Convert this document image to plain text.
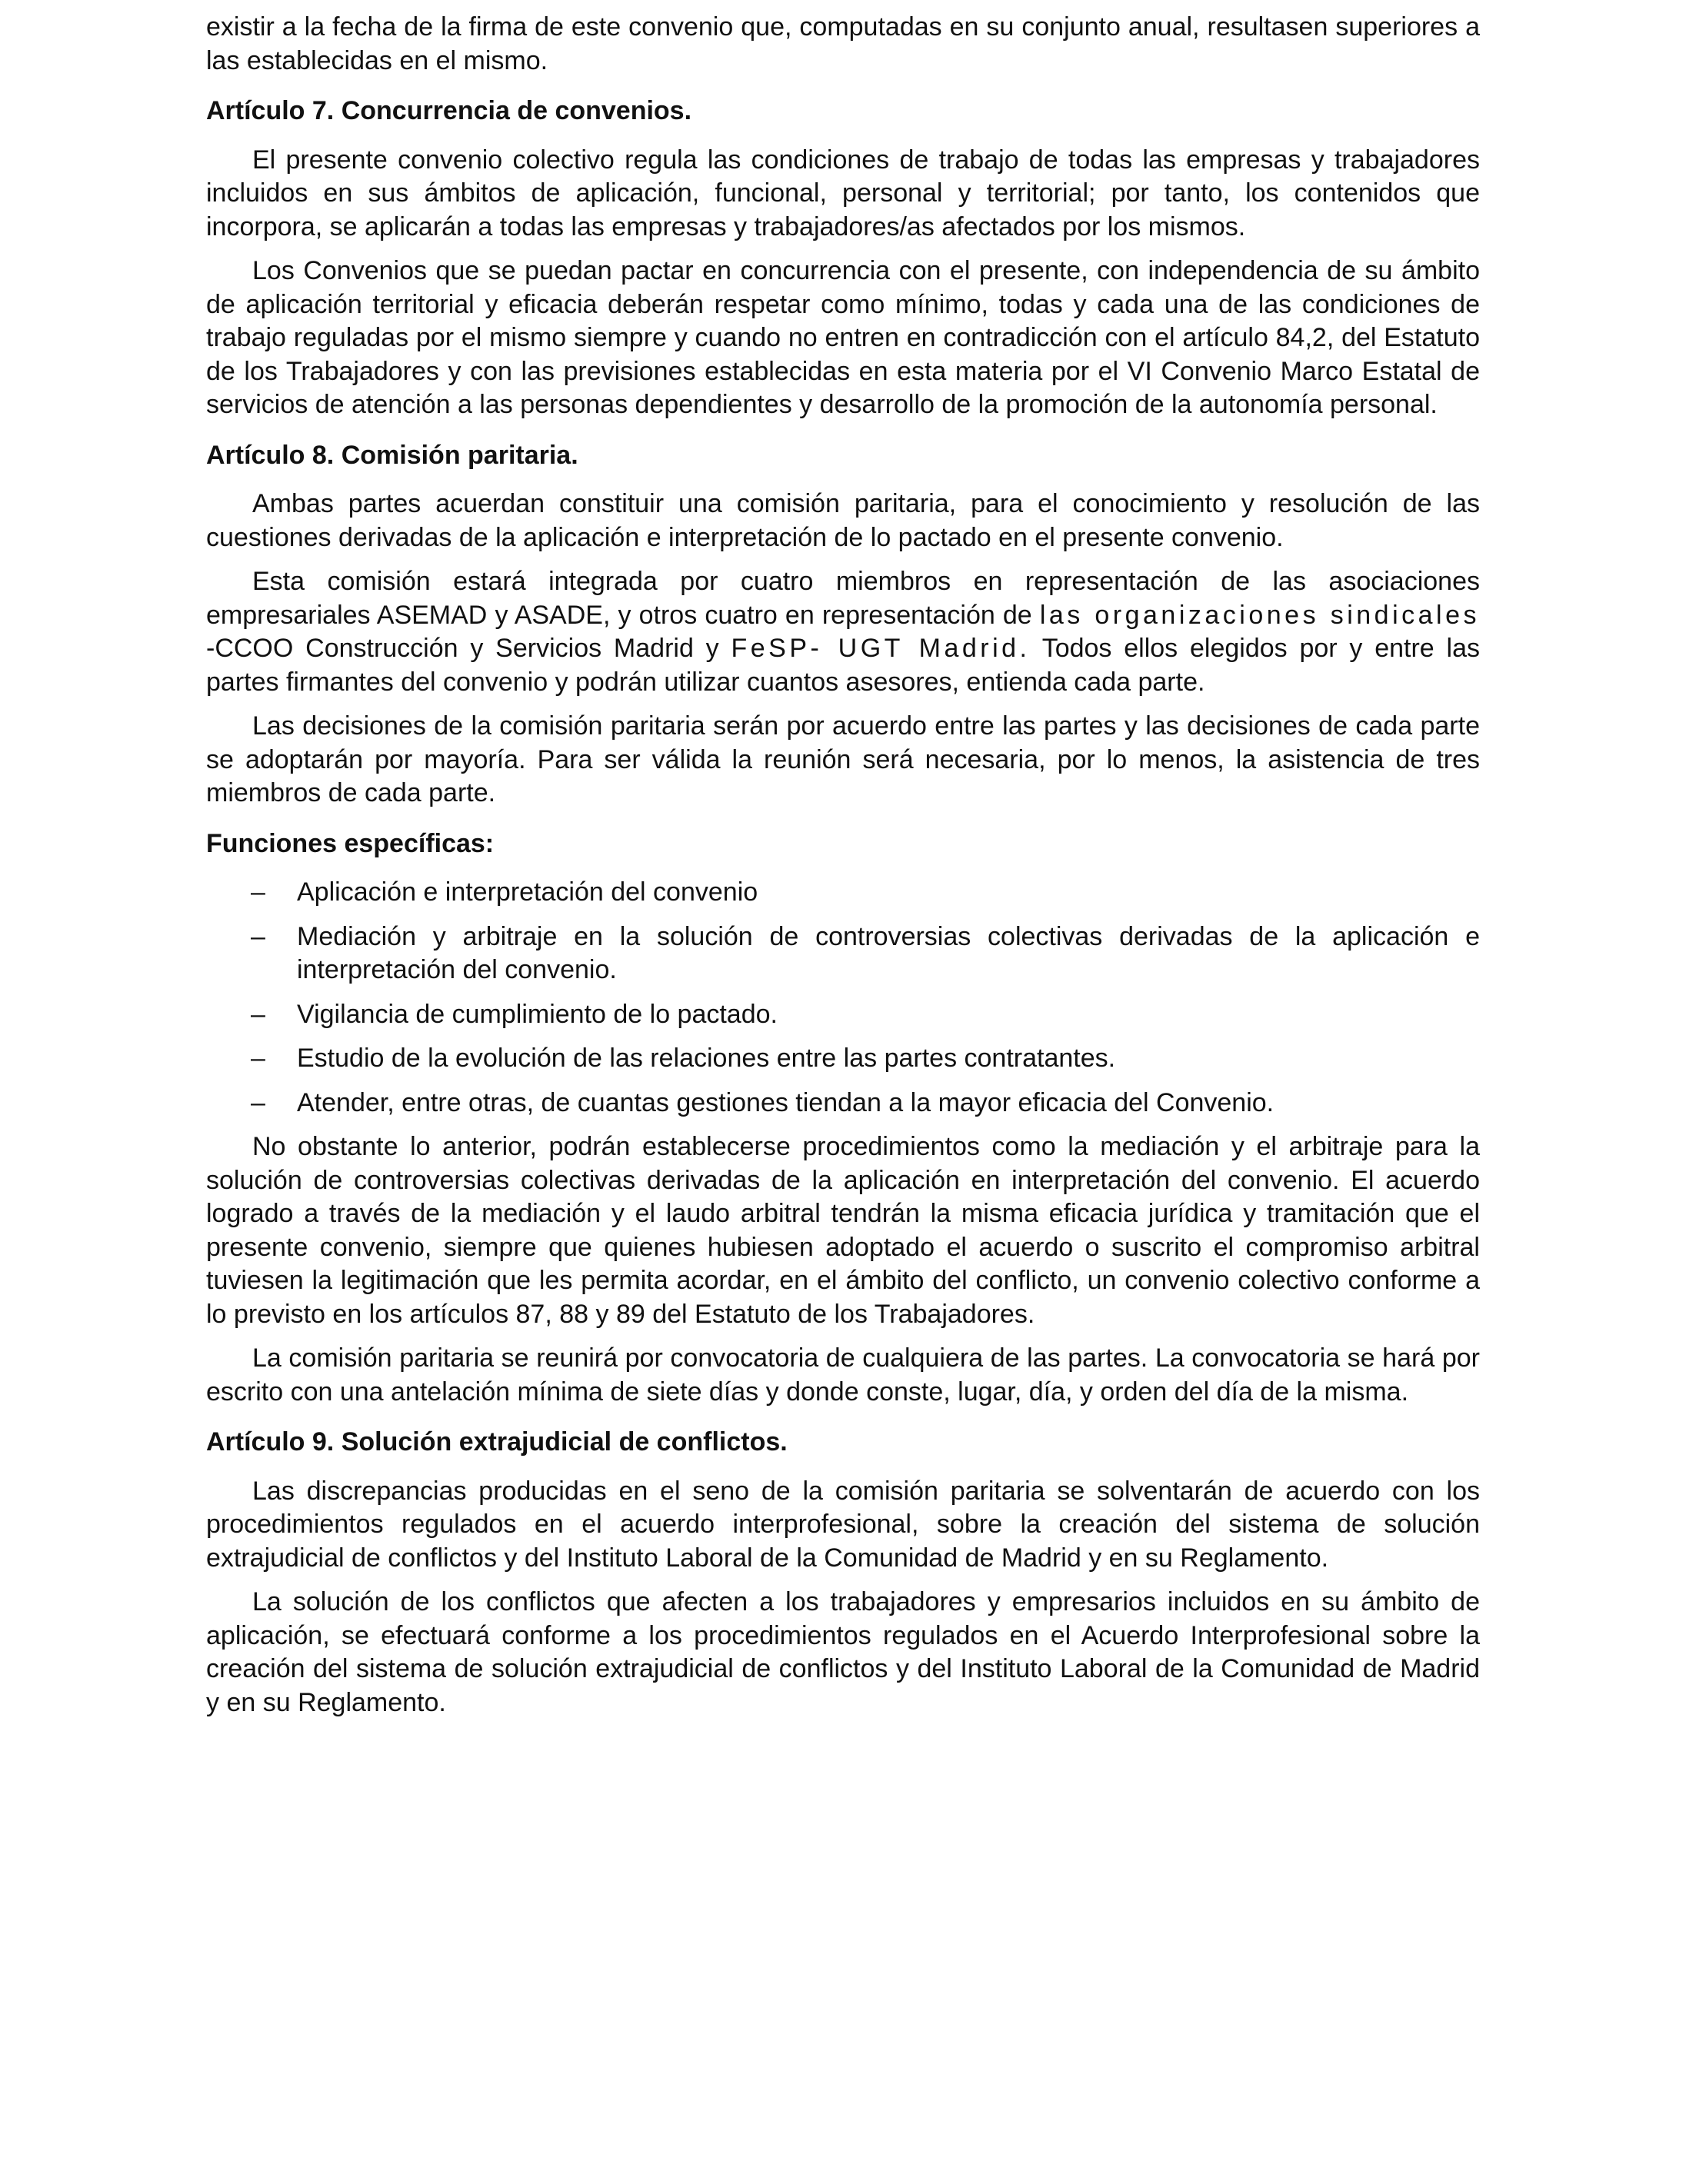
existir a la fecha de la firma de este convenio que, computadas en su conjunto anual, resultasen superiores a las establecidas en el mismo.

Artículo 7. Concurrencia de convenios.

El presente convenio colectivo regula las condiciones de trabajo de todas las empresas y trabajadores incluidos en sus ámbitos de aplicación, funcional, personal y territorial; por tanto, los contenidos que incorpora, se aplicarán a todas las empresas y trabajadores/as afectados por los mismos.

Los Convenios que se puedan pactar en concurrencia con el presente, con independencia de su ámbito de aplicación territorial y eficacia deberán respetar como mínimo, todas y cada una de las condiciones de trabajo reguladas por el mismo siempre y cuando no entren en contradicción con el artículo 84,2, del Estatuto de los Trabajadores y con las previsiones establecidas en esta materia por el VI Convenio Marco Estatal de servicios de atención a las personas dependientes y desarrollo de la promoción de la autonomía personal.

Artículo 8. Comisión paritaria.

Ambas partes acuerdan constituir una comisión paritaria, para el conocimiento y resolución de las cuestiones derivadas de la aplicación e interpretación de lo pactado en el presente convenio.

Esta comisión estará integrada por cuatro miembros en representación de las asociaciones empresariales ASEMAD y ASADE, y otros cuatro en representación de las organizaciones sindicales -CCOO Construcción y Servicios Madrid y FeSP- UGT Madrid. Todos ellos elegidos por y entre las partes firmantes del convenio y podrán utilizar cuantos asesores, entienda cada parte.

Las decisiones de la comisión paritaria serán por acuerdo entre las partes y las decisiones de cada parte se adoptarán por mayoría. Para ser válida la reunión será necesaria, por lo menos, la asistencia de tres miembros de cada parte.

Funciones específicas:

– Aplicación e interpretación del convenio
– Mediación y arbitraje en la solución de controversias colectivas derivadas de la aplicación e interpretación del convenio.
– Vigilancia de cumplimiento de lo pactado.
– Estudio de la evolución de las relaciones entre las partes contratantes.
– Atender, entre otras, de cuantas gestiones tiendan a la mayor eficacia del Convenio.

No obstante lo anterior, podrán establecerse procedimientos como la mediación y el arbitraje para la solución de controversias colectivas derivadas de la aplicación en interpretación del convenio. El acuerdo logrado a través de la mediación y el laudo arbitral tendrán la misma eficacia jurídica y tramitación que el presente convenio, siempre que quienes hubiesen adoptado el acuerdo o suscrito el compromiso arbitral tuviesen la legitimación que les permita acordar, en el ámbito del conflicto, un convenio colectivo conforme a lo previsto en los artículos 87, 88 y 89 del Estatuto de los Trabajadores.

La comisión paritaria se reunirá por convocatoria de cualquiera de las partes. La convocatoria se hará por escrito con una antelación mínima de siete días y donde conste, lugar, día, y orden del día de la misma.

Artículo 9. Solución extrajudicial de conflictos.

Las discrepancias producidas en el seno de la comisión paritaria se solventarán de acuerdo con los procedimientos regulados en el acuerdo interprofesional, sobre la creación del sistema de solución extrajudicial de conflictos y del Instituto Laboral de la Comunidad de Madrid y en su Reglamento.

La solución de los conflictos que afecten a los trabajadores y empresarios incluidos en su ámbito de aplicación, se efectuará conforme a los procedimientos regulados en el Acuerdo Interprofesional sobre la creación del sistema de solución extrajudicial de conflictos y del Instituto Laboral de la Comunidad de Madrid y en su Reglamento.
